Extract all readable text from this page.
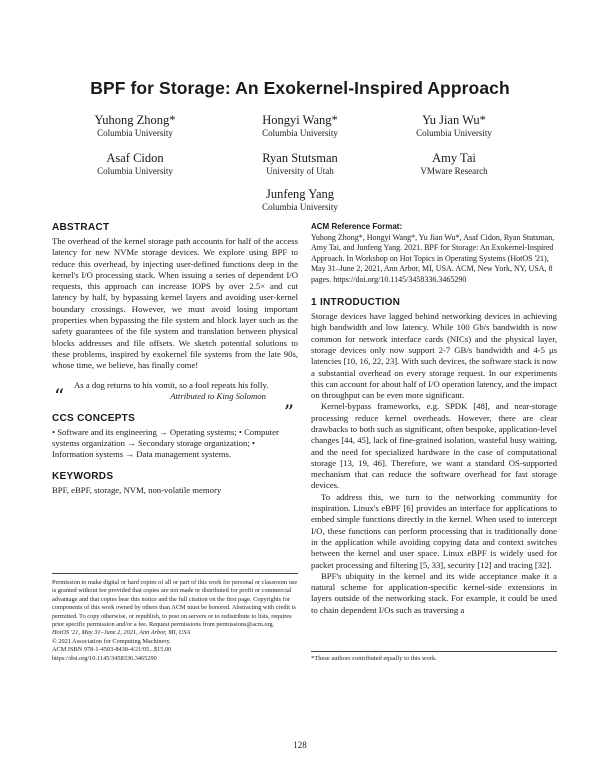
BPF for Storage: An Exokernel-Inspired Approach
Yuhong Zhong*
Columbia University
Hongyi Wang*
Columbia University
Yu Jian Wu*
Columbia University
Asaf Cidon
Columbia University
Ryan Stutsman
University of Utah
Amy Tai
VMware Research
Junfeng Yang
Columbia University
ABSTRACT

The overhead of the kernel storage path accounts for half of the access latency for new NVMe storage devices. We explore using BPF to reduce this overhead, by injecting user-defined functions deep in the kernel's I/O processing stack. When issuing a series of dependent I/O requests, this approach can increase IOPS by over 2.5× and cut latency by half, by bypassing kernel layers and avoiding user-kernel boundary crossings. However, we must avoid losing important properties when bypassing the file system and block layer such as the safety guarantees of the file system and translation between physical blocks addresses and file offsets. We sketch potential solutions to these problems, inspired by exokernel file systems from the late 90s, whose time, we believe, has finally come!

“ As a dog returns to his vomit, so a fool repeats his folly.
Attributed to King Solomon
”
CCS CONCEPTS

• Software and its engineering → Operating systems; • Computer systems organization → Secondary storage organization; • Information systems → Data management systems.

KEYWORDS

BPF, eBPF, storage, NVM, non-volatile memory

Permission to make digital or hard copies of all or part of this work for personal or classroom use is granted without fee provided that copies are not made or distributed for profit or commercial advantage and that copies bear this notice and the full citation on the first page. Copyrights for components of this work owned by others than ACM must be honored. Abstracting with credit is permitted. To copy otherwise, or republish, to post on servers or to redistribute to lists, requires prior specific permission and/or a fee. Request permissions from permissions@acm.org.
HotOS '21, May 31–June 2, 2021, Ann Arbor, MI, USA
© 2021 Association for Computing Machinery.
ACM ISBN 978-1-4503-8438-4/21/05...$15.00
https://doi.org/10.1145/3458336.3465290
ACM Reference Format:

Yuhong Zhong*, Hongyi Wang*, Yu Jian Wu*, Asaf Cidon, Ryan Stutsman, Amy Tai, and Junfeng Yang. 2021. BPF for Storage: An Exokernel-Inspired Approach. In Workshop on Hot Topics in Operating Systems (HotOS '21), May 31–June 2, 2021, Ann Arbor, MI, USA. ACM, New York, NY, USA, 8 pages. https://doi.org/10.1145/3458336.3465290

1 INTRODUCTION

Storage devices have lagged behind networking devices in achieving high bandwidth and low latency. While 100 Gb/s bandwidth is now common for network interface cards (NICs) and the physical layer, storage devices only now support 2-7 GB/s bandwidth and 4-5 μs latencies [10, 16, 22, 23]. With such devices, the software stack is now a substantial overhead on every storage request. In our experiments this can account for about half of I/O operation latency, and the impact on throughput can be even more significant.

Kernel-bypass frameworks, e.g. SPDK [48], and near-storage processing reduce kernel overheads. However, there are clear drawbacks to both such as significant, often bespoke, application-level changes [44, 45], lack of fine-grained isolation, wasteful busy waiting, and the need for specialized hardware in the case of computational storage [13, 19, 46]. Therefore, we want a standard OS-supported mechanism that can reduce the software overhead for fast storage devices.

To address this, we turn to the networking community for inspiration. Linux's eBPF [6] provides an interface for applications to embed simple functions directly in the kernel. When used to intercept I/O, these functions can perform processing that is traditionally done in the application while avoiding copying data and context switches between the kernel and user space. Linux eBPF is widely used for packet processing and filtering [5, 33], security [12] and tracing [32].

BPF's ubiquity in the kernel and its wide acceptance make it a natural scheme for application-specific kernel-side extensions in layers outside of the networking stack. For example, it could be used to chain dependent I/Os such as traversing a

*These authors contributed equally to this work.
128
